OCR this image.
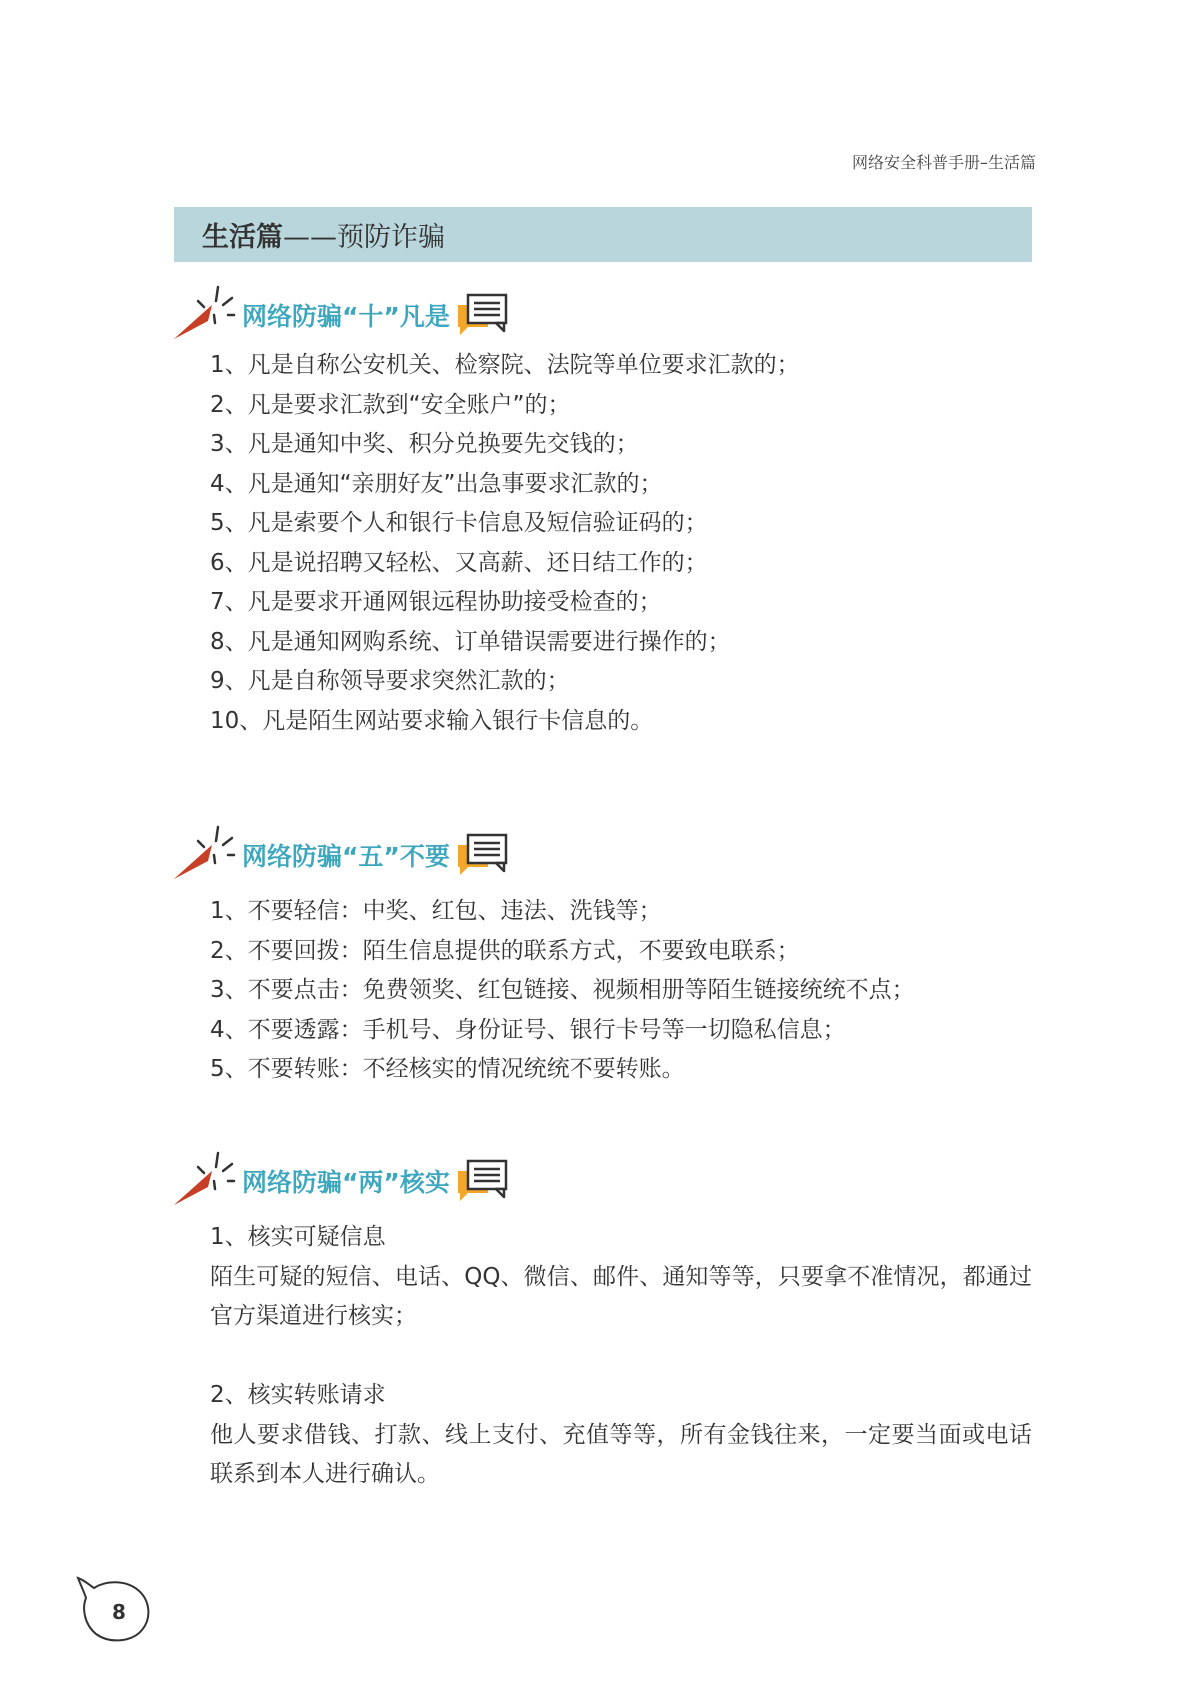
网络安全科普手册–生活篇
生活篇 ——预防诈骗
网络防骗“十”凡是
1、凡是自称公安机关、检察院、法院等单位要求汇款的；
2、凡是要求汇款到“安全账户”的；
3、凡是通知中奖、积分兑换要先交钱的；
4、凡是通知“亲朋好友”出急事要求汇款的；
5、凡是索要个人和银行卡信息及短信验证码的；
6、凡是说招聘又轻松、又高薪、还日结工作的；
7、凡是要求开通网银远程协助接受检查的；
8、凡是通知网购系统、订单错误需要进行操作的；
9、凡是自称领导要求突然汇款的；
10、凡是陌生网站要求输入银行卡信息的。
网络防骗“五”不要
1、不要轻信：中奖、红包、违法、洗钱等；
2、不要回拨：陌生信息提供的联系方式，不要致电联系；
3、不要点击：免费领奖、红包链接、视频相册等陌生链接统统不点；
4、不要透露：手机号、身份证号、银行卡号等一切隐私信息；
5、不要转账：不经核实的情况统统不要转账。
网络防骗“两”核实
1、核实可疑信息
陌生可疑的短信、电话、QQ、微信、邮件、通知等等，只要拿不准情况，都通过官方渠道进行核实；
2、核实转账请求
他人要求借钱、打款、线上支付、充值等等，所有金钱往来，一定要当面或电话联系到本人进行确认。
8
